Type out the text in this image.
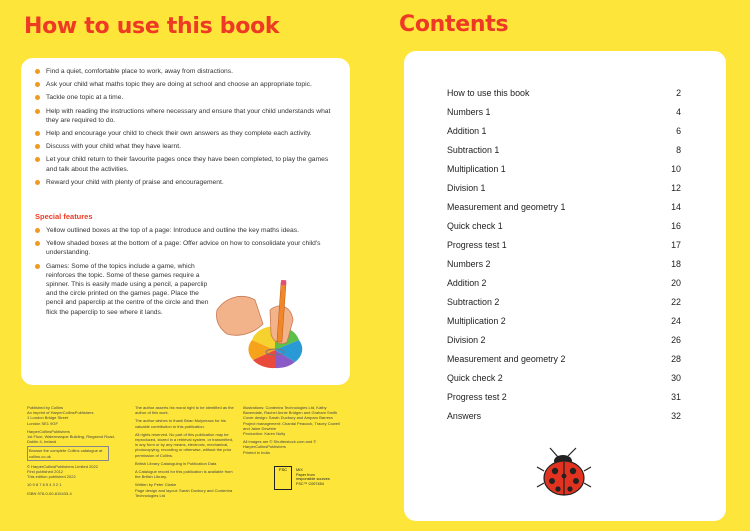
How to use this book
Find a quiet, comfortable place to work, away from distractions.
Ask your child what maths topic they are doing at school and choose an appropriate topic.
Tackle one topic at a time.
Help with reading the instructions where necessary and ensure that your child understands what they are required to do.
Help and encourage your child to check their own answers as they complete each activity.
Discuss with your child what they have learnt.
Let your child return to their favourite pages once they have been completed, to play the games and talk about the activities.
Reward your child with plenty of praise and encouragement.
Special features
Yellow outlined boxes at the top of a page: Introduce and outline the key maths ideas.
Yellow shaded boxes at the bottom of a page: Offer advice on how to consolidate your child's understanding.
Games: Some of the topics include a game, which reinforces the topic. Some of these games require a spinner. This is easily made using a pencil, a paperclip and the circle printed on the games page. Place the pencil and paperclip at the centre of the circle and then flick the paperclip to see where it lands.
Published by Collins
An imprint of HarperCollinsPublishers
1 London Bridge Street
London SE1 9GF
HarperCollinsPublishers
1st Floor, Watermarque Building, Ringsend Road,
Dublin 4, Ireland
Browse the complete Collins catalogue at collins.co.uk
© HarperCollinsPublishers Limited 2022
First published 2012
This edition published 2022
10 9 8 7 6 5 4 3 2 1
ISBN 978-0-00-815433-4
The author asserts his moral right to be identified as the author of this work.
The author wishes to thank Brian Molyneaux for his valuable contribution to this publication.
All rights reserved. No part of this publication may be reproduced, stored in a retrieval system, or transmitted, in any form or by any means, electronic, mechanical, photocopying, recording or otherwise, without the prior permission of Collins.
British Library Cataloguing in Publication Data
A Catalogue record for this publication is available from the British Library.
Written by Peter Clarke
Page design and layout: Sarah Duxbury and Contentra Technologies Ltd
Illustrations: Contentra Technologies Ltd, Kathy Baxendale, Rachel Annie Bridgen and Graham Smith
Cover design: Sarah Duxbury and Amparo Barrera
Project management: Chantal Peacock, Tracey Cowell and Jaine Dewhire
Production: Karen Nulty
All images are © Shutterstock.com and © HarperCollinsPublishers
Printed in India
FSC	MIX
Paper from
responsible sources
FSC™ C007454
Contents
How to use this book	2
Numbers 1	4
Addition 1	6
Subtraction 1	8
Multiplication 1	10
Division 1	12
Measurement and geometry 1	14
Quick check 1	16
Progress test 1	17
Numbers 2	18
Addition 2	20
Subtraction 2	22
Multiplication 2	24
Division 2	26
Measurement and geometry 2	28
Quick check 2	30
Progress test 2	31
Answers	32
